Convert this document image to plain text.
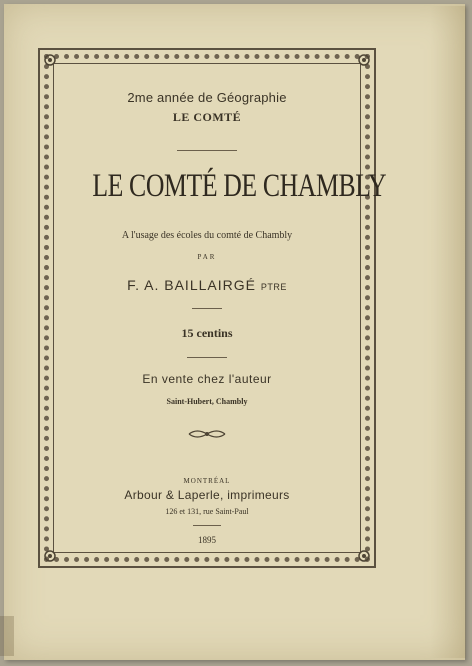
2me année de Géographie
LE COMTÉ
LE COMTÉ DE CHAMBLY
A l'usage des écoles du comté de Chambly
PAR
F. A. BAILLAIRGÉ PTRE
15 centins
En vente chez l'auteur
Saint-Hubert, Chambly
MONTRÉAL
Arbour & Laperle, imprimeurs
126 et 131, rue Saint-Paul
1895
